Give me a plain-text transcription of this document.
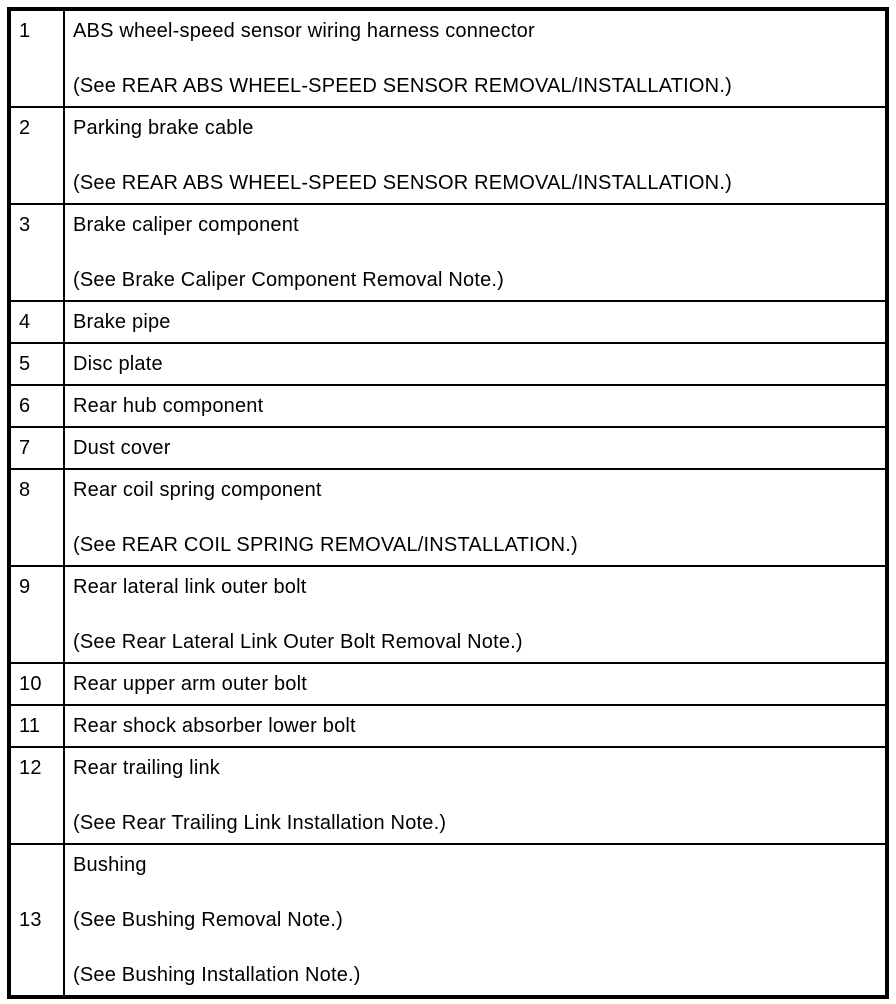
1	ABS wheel-speed sensor wiring harness connector
(See REAR ABS WHEEL-SPEED SENSOR REMOVAL/INSTALLATION.)

2	Parking brake cable
(See REAR ABS WHEEL-SPEED SENSOR REMOVAL/INSTALLATION.)

3	Brake caliper component
(See Brake Caliper Component Removal Note.)

4	Brake pipe

5	Disc plate

6	Rear hub component

7	Dust cover

8	Rear coil spring component
(See REAR COIL SPRING REMOVAL/INSTALLATION.)

9	Rear lateral link outer bolt
(See Rear Lateral Link Outer Bolt Removal Note.)

10	Rear upper arm outer bolt

11	Rear shock absorber lower bolt

12	Rear trailing link
(See Rear Trailing Link Installation Note.)

13	Bushing
(See Bushing Removal Note.)
(See Bushing Installation Note.)
